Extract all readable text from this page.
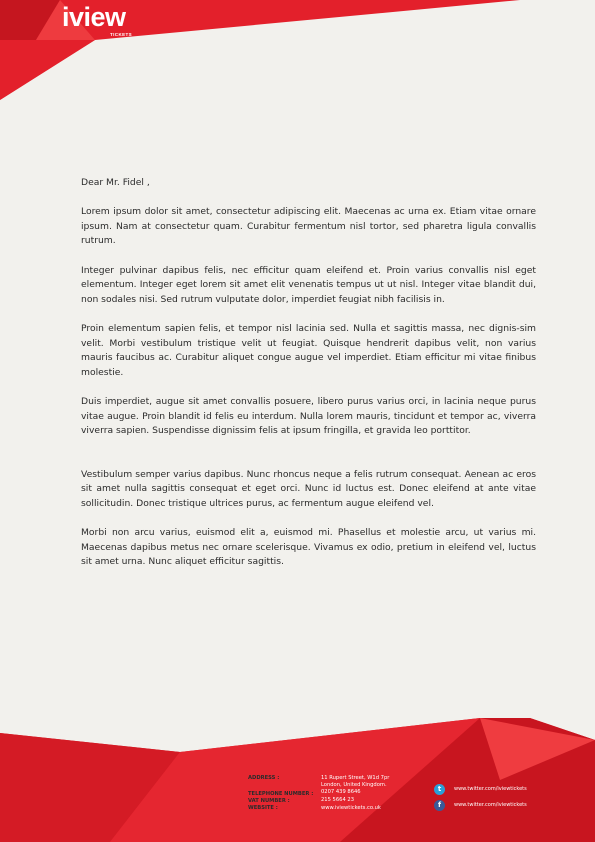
iview
TICKETS

Dear Mr. Fidel ,

Lorem ipsum dolor sit amet, consectetur adipiscing elit. Maecenas ac urna ex. Etiam vitae ornare ipsum. Nam at consectetur quam. Curabitur fermentum nisl tortor, sed pharetra ligula convallis rutrum.

Integer pulvinar dapibus felis, nec efficitur quam eleifend et. Proin varius convallis nisl eget elementum. Integer eget lorem sit amet elit venenatis tempus ut ut nisl. Integer vitae blandit dui, non sodales nisi. Sed rutrum vulputate dolor, imperdiet feugiat nibh facilisis in.

Proin elementum sapien felis, et tempor nisl lacinia sed. Nulla et sagittis massa, nec dignis-sim velit. Morbi vestibulum tristique velit ut feugiat. Quisque hendrerit dapibus velit, non varius mauris faucibus ac. Curabitur aliquet congue augue vel imperdiet. Etiam efficitur mi vitae finibus molestie.

Duis imperdiet, augue sit amet convallis posuere, libero purus varius orci, in lacinia neque purus vitae augue. Proin blandit id felis eu interdum. Nulla lorem mauris, tincidunt et tempor ac, viverra viverra sapien. Suspendisse dignissim felis at ipsum fringilla, et gravida leo porttitor.

Vestibulum semper varius dapibus. Nunc rhoncus neque a felis rutrum consequat. Aenean ac eros sit amet nulla sagittis consequat et eget orci. Nunc id luctus est. Donec eleifend at ante vitae sollicitudin. Donec tristique ultrices purus, ac fermentum augue eleifend vel.

Morbi non arcu varius, euismod elit a, euismod mi. Phasellus et molestie arcu, ut varius mi. Maecenas dapibus metus nec ornare scelerisque. Vivamus ex odio, pretium in eleifend vel, luctus sit amet urna. Nunc aliquet efficitur sagittis.

ADDRESS :	11 Rupert Street, W1d 7pr
London, United Kingdom.
TELEPHONE NUMBER :	0207 439 8646
VAT NUMBER :	215 5664 23
WEBSITE :	www.iviewtickets.co.uk
t	www.twitter.com/iviewtickets
f	www.twitter.com/iviewtickets
